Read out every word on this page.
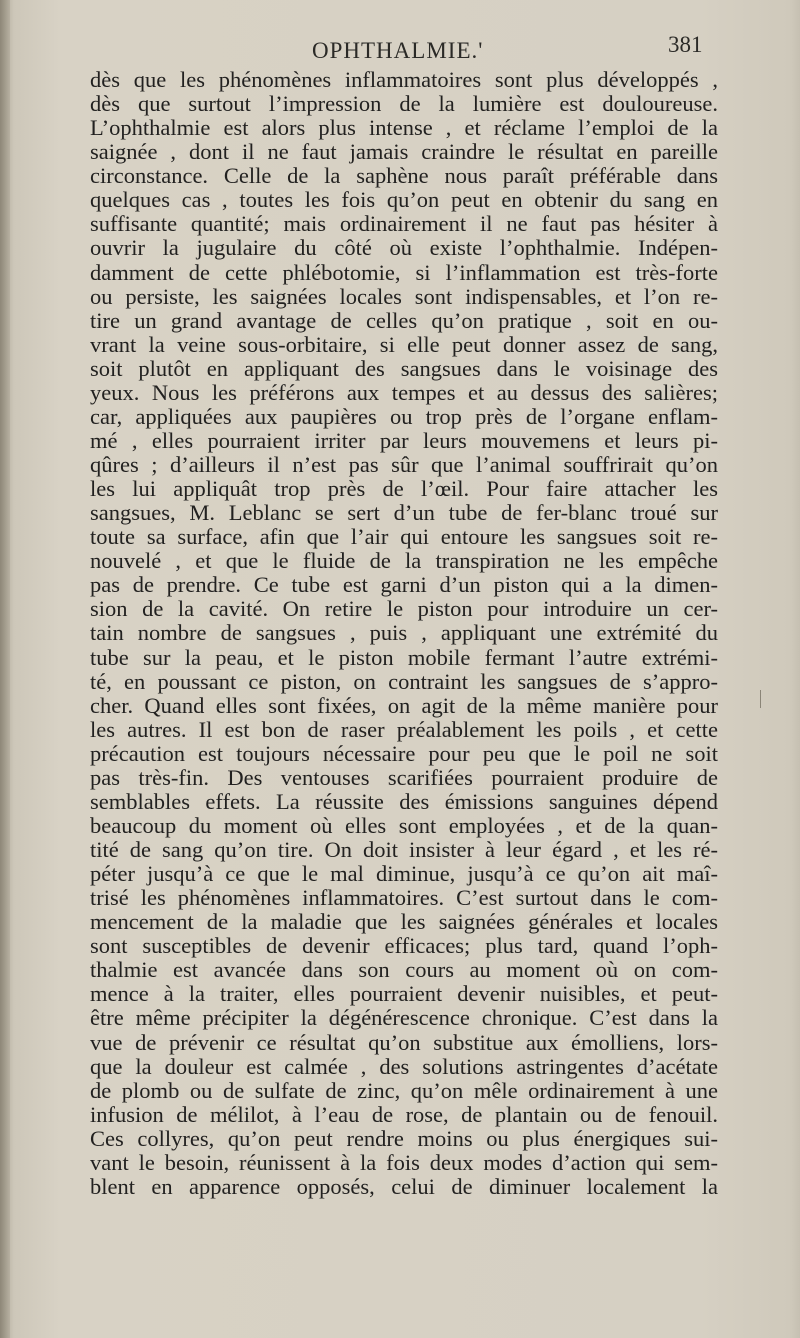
OPHTHALMIE.'	381
dès que les phénomènes inflammatoires sont plus développés ,
dès que surtout l’impression de la lumière est douloureuse.
L’ophthalmie est alors plus intense , et réclame l’emploi de la
saignée , dont il ne faut jamais craindre le résultat en pareille
circonstance. Celle de la saphène nous paraît préférable dans
quelques cas , toutes les fois qu’on peut en obtenir du sang en
suffisante quantité; mais ordinairement il ne faut pas hésiter à
ouvrir la jugulaire du côté où existe l’ophthalmie. Indépen-
damment de cette phlébotomie, si l’inflammation est très-forte
ou persiste, les saignées locales sont indispensables, et l’on re-
tire un grand avantage de celles qu’on pratique , soit en ou-
vrant la veine sous-orbitaire, si elle peut donner assez de sang,
soit plutôt en appliquant des sangsues dans le voisinage des
yeux. Nous les préférons aux tempes et au dessus des salières;
car, appliquées aux paupières ou trop près de l’organe enflam-
mé , elles pourraient irriter par leurs mouvemens et leurs pi-
qûres ; d’ailleurs il n’est pas sûr que l’animal souffrirait qu’on
les lui appliquât trop près de l’œil. Pour faire attacher les
sangsues, M. Leblanc se sert d’un tube de fer-blanc troué sur
toute sa surface, afin que l’air qui entoure les sangsues soit re-
nouvelé , et que le fluide de la transpiration ne les empêche
pas de prendre. Ce tube est garni d’un piston qui a la dimen-
sion de la cavité. On retire le piston pour introduire un cer-
tain nombre de sangsues , puis , appliquant une extrémité du
tube sur la peau, et le piston mobile fermant l’autre extrémi-
té, en poussant ce piston, on contraint les sangsues de s’appro-
cher. Quand elles sont fixées, on agit de la même manière pour
les autres. Il est bon de raser préalablement les poils , et cette
précaution est toujours nécessaire pour peu que le poil ne soit
pas très-fin. Des ventouses scarifiées pourraient produire de
semblables effets. La réussite des émissions sanguines dépend
beaucoup du moment où elles sont employées , et de la quan-
tité de sang qu’on tire. On doit insister à leur égard , et les ré-
péter jusqu’à ce que le mal diminue, jusqu’à ce qu’on ait maî-
trisé les phénomènes inflammatoires. C’est surtout dans le com-
mencement de la maladie que les saignées générales et locales
sont susceptibles de devenir efficaces; plus tard, quand l’oph-
thalmie est avancée dans son cours au moment où on com-
mence à la traiter, elles pourraient devenir nuisibles, et peut-
être même précipiter la dégénérescence chronique. C’est dans la
vue de prévenir ce résultat qu’on substitue aux émolliens, lors-
que la douleur est calmée , des solutions astringentes d’acétate
de plomb ou de sulfate de zinc, qu’on mêle ordinairement à une
infusion de mélilot, à l’eau de rose, de plantain ou de fenouil.
Ces collyres, qu’on peut rendre moins ou plus énergiques sui-
vant le besoin, réunissent à la fois deux modes d’action qui sem-
blent en apparence opposés, celui de diminuer localement la
